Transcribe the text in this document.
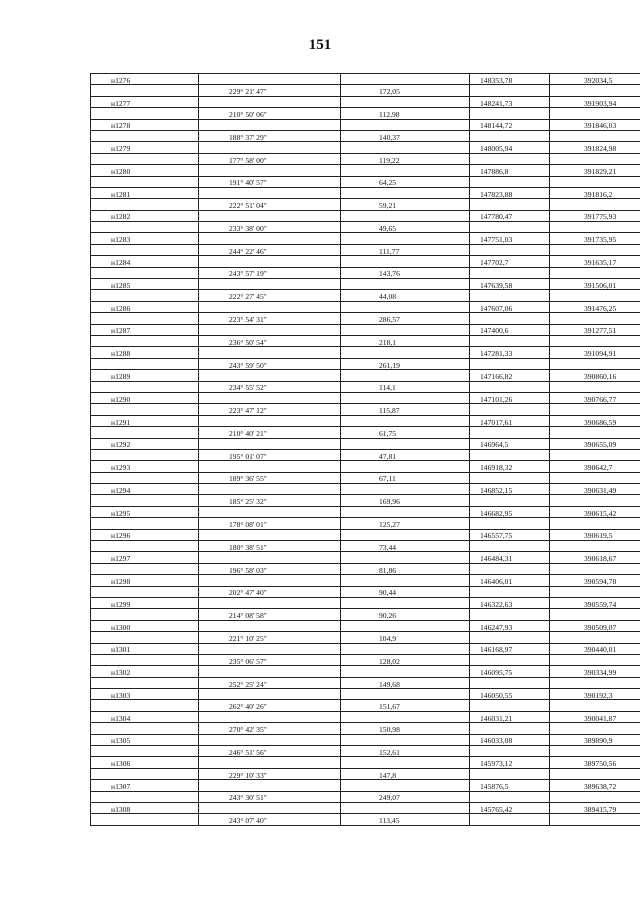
151
н1276			148353,78	392034,5
	229° 21' 47"	172,05		
н1277			148241,73	391903,94
	210° 50' 06"	112,98		
н1278			148144,72	391846,03
	188° 37' 29"	140,37		
н1279			148005,94	391824,98
	177° 58' 00"	119,22		
н1280			147886,8	391829,21
	191° 40' 57"	64,25		
н1281			147823,88	391816,2
	222° 51' 04"	59,21		
н1282			147780,47	391775,93
	233° 38' 00"	49,65		
н1283			147751,03	391735,95
	244° 22' 46"	111,77		
н1284			147702,7	391635,17
	243° 57' 19"	143,76		
н1285			147639,58	391506,01
	222° 27' 45"	44,08		
н1286			147607,06	391476,25
	223° 54' 31"	286,57		
н1287			147400,6	391277,51
	236° 50' 54"	218,1		
н1288			147281,33	391094,91
	243° 59' 50"	261,19		
н1289			147166,82	390860,16
	234° 55' 52"	114,1		
н1290			147101,26	390766,77
	223° 47' 12"	115,87		
н1291			147017,61	390686,59
	210° 40' 21"	61,75		
н1292			146964,5	390655,09
	195° 01' 07"	47,81		
н1293			146918,32	390642,7
	189° 36' 55"	67,11		
н1294			146852,15	390631,49
	185° 25' 32"	169,96		
н1295			146682,95	390615,42
	178° 08' 01"	125,27		
н1296			146557,75	390619,5
	180° 38' 51"	73,44		
н1297			146484,31	390618,67
	196° 58' 03"	81,86		
н1298			146406,01	390594,78
	202° 47' 40"	90,44		
н1299			146322,63	390559,74
	214° 08' 58"	90,26		
н1300			146247,93	390509,07
	221° 10' 25"	104,9		
н1301			146168,97	390440,01
	235° 06' 57"	128,02		
н1302			146095,75	390334,99
	252° 25' 24"	149,68		
н1303			146050,55	390192,3
	262° 40' 26"	151,67		
н1304			146031,21	390041,87
	270° 42' 35"	150,98		
н1305			146033,08	389890,9
	246° 51' 56"	152,61		
н1306			145973,12	389750,56
	229° 10' 33"	147,8		
н1307			145876,5	389638,72
	243° 30' 51"	249,07		
н1308			145765,42	389415,79
	243° 07' 40"	113,45		
